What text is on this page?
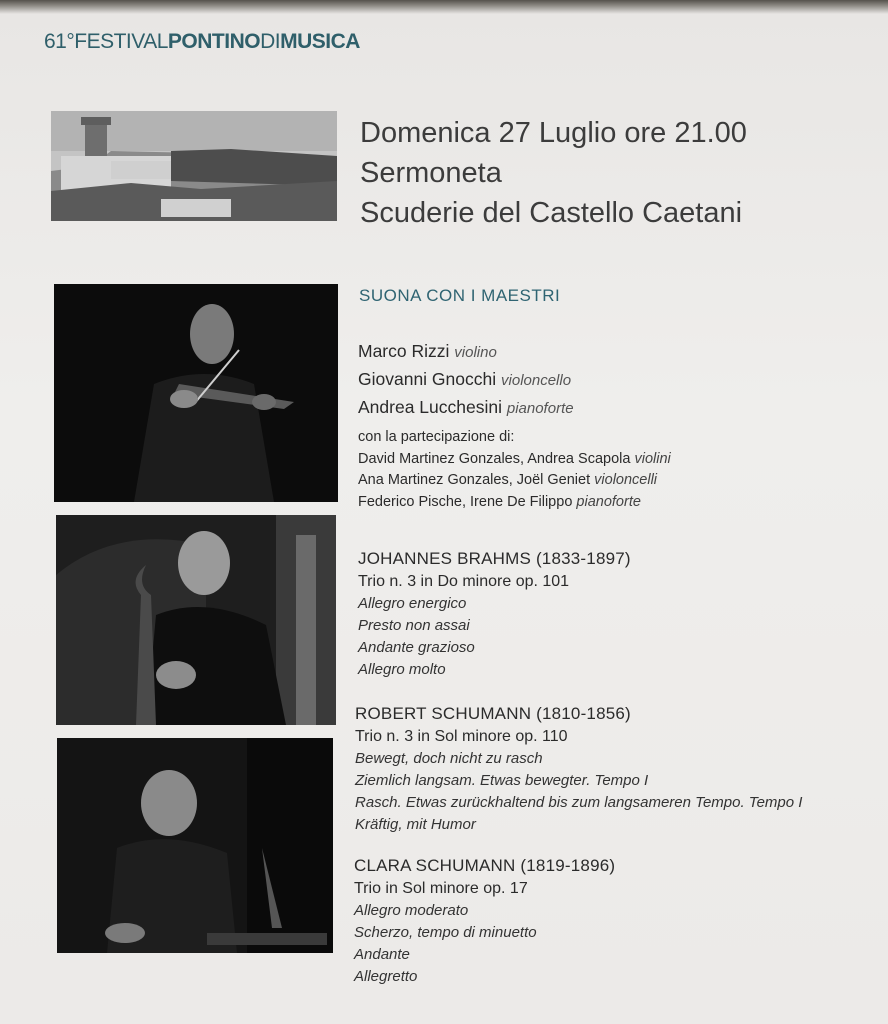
61°FESTIVALPONTINODIMUSICA
Domenica 27 Luglio ore 21.00
Sermoneta
Scuderie del Castello Caetani
SUONA CON I MAESTRI
Marco Rizzi violino
Giovanni Gnocchi violoncello
Andrea Lucchesini pianoforte
con la partecipazione di:
David Martinez Gonzales, Andrea Scapola violini
Ana Martinez Gonzales, Joël Geniet violoncelli
Federico Pische, Irene De Filippo pianoforte
JOHANNES BRAHMS (1833-1897)
Trio n. 3 in Do minore op. 101
Allegro energico
Presto non assai
Andante grazioso
Allegro molto
ROBERT SCHUMANN (1810-1856)
Trio n. 3 in Sol minore op. 110
Bewegt, doch nicht zu rasch
Ziemlich langsam. Etwas bewegter. Tempo I
Rasch. Etwas zurückhaltend bis zum langsameren Tempo. Tempo I
Kräftig, mit Humor
CLARA SCHUMANN (1819-1896)
Trio in Sol minore op. 17
Allegro moderato
Scherzo, tempo di minuetto
Andante
Allegretto
